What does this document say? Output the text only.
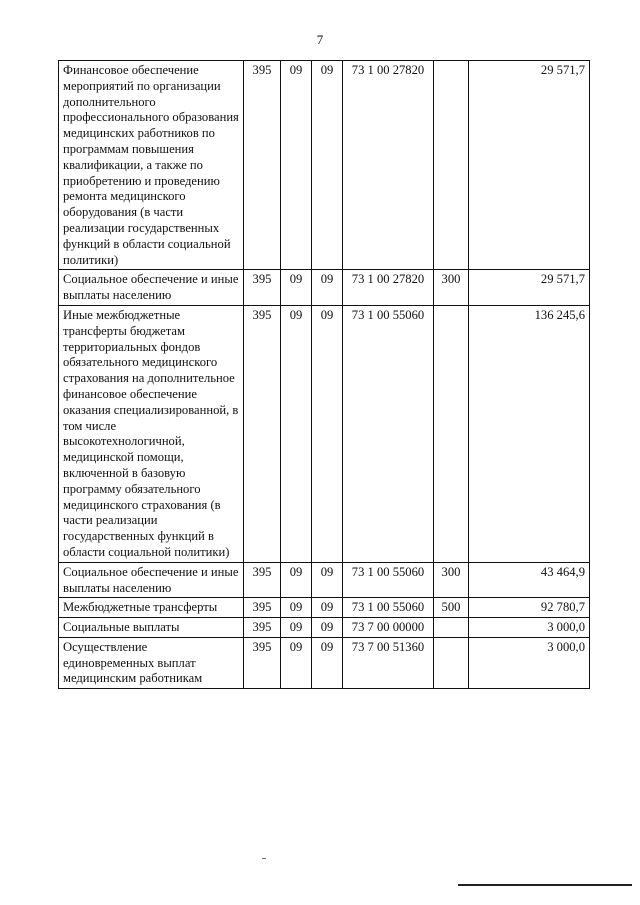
7
Финансовое обеспечение мероприятий по организации дополнительного профессионального образования медицинских работников по программам повышения квалификации, а также по приобретению и проведению ремонта медицинского оборудования (в части реализации государственных функций в области социальной политики)	395	09	09	73 1 00 27820		29 571,7
Социальное обеспечение и иные выплаты населению	395	09	09	73 1 00 27820	300	29 571,7
Иные межбюджетные трансферты бюджетам территориальных фондов обязательного медицинского страхования на дополнительное финансовое обеспечение оказания специализированной, в том числе высокотехнологичной, медицинской помощи, включенной в базовую программу обязательного медицинского страхования (в части реализации государственных функций в области социальной политики)	395	09	09	73 1 00 55060		136 245,6
Социальное обеспечение и иные выплаты населению	395	09	09	73 1 00 55060	300	43 464,9
Межбюджетные трансферты	395	09	09	73 1 00 55060	500	92 780,7
Социальные выплаты	395	09	09	73 7 00 00000		3 000,0
Осуществление единовременных выплат медицинским работникам	395	09	09	73 7 00 51360		3 000,0
